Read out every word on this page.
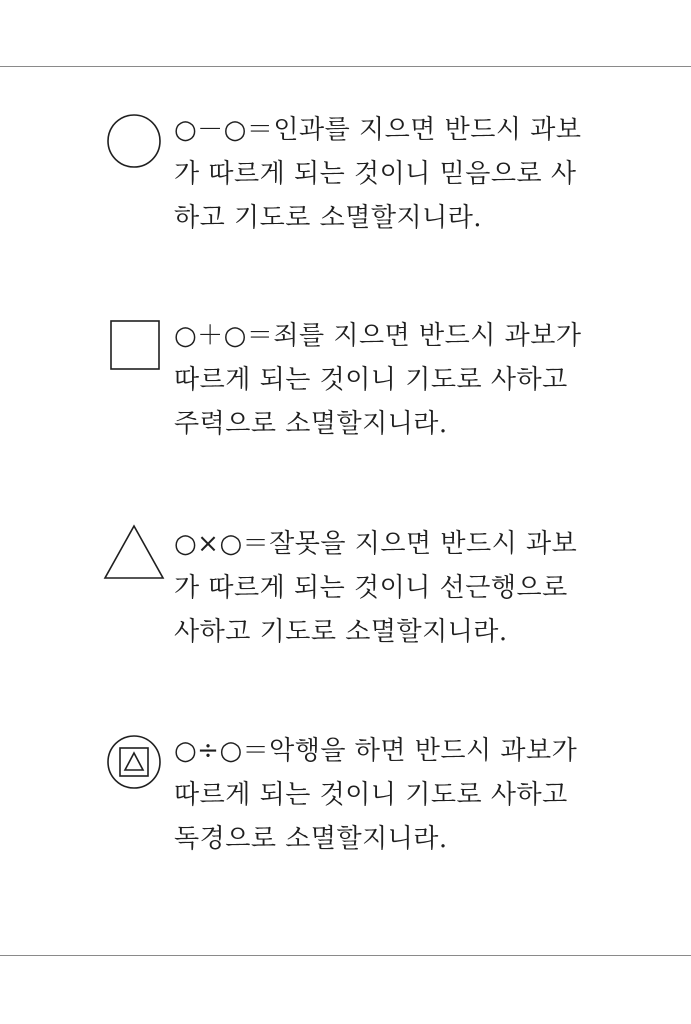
○－○＝인과를 지으면 반드시 과보
가 따르게 되는 것이니 믿음으로 사
하고 기도로 소멸할지니라.

○＋○＝죄를 지으면 반드시 과보가
따르게 되는 것이니 기도로 사하고
주력으로 소멸할지니라.

○×○＝잘못을 지으면 반드시 과보
가 따르게 되는 것이니 선근행으로
사하고 기도로 소멸할지니라.

○÷○＝악행을 하면 반드시 과보가
따르게 되는 것이니 기도로 사하고
독경으로 소멸할지니라.
